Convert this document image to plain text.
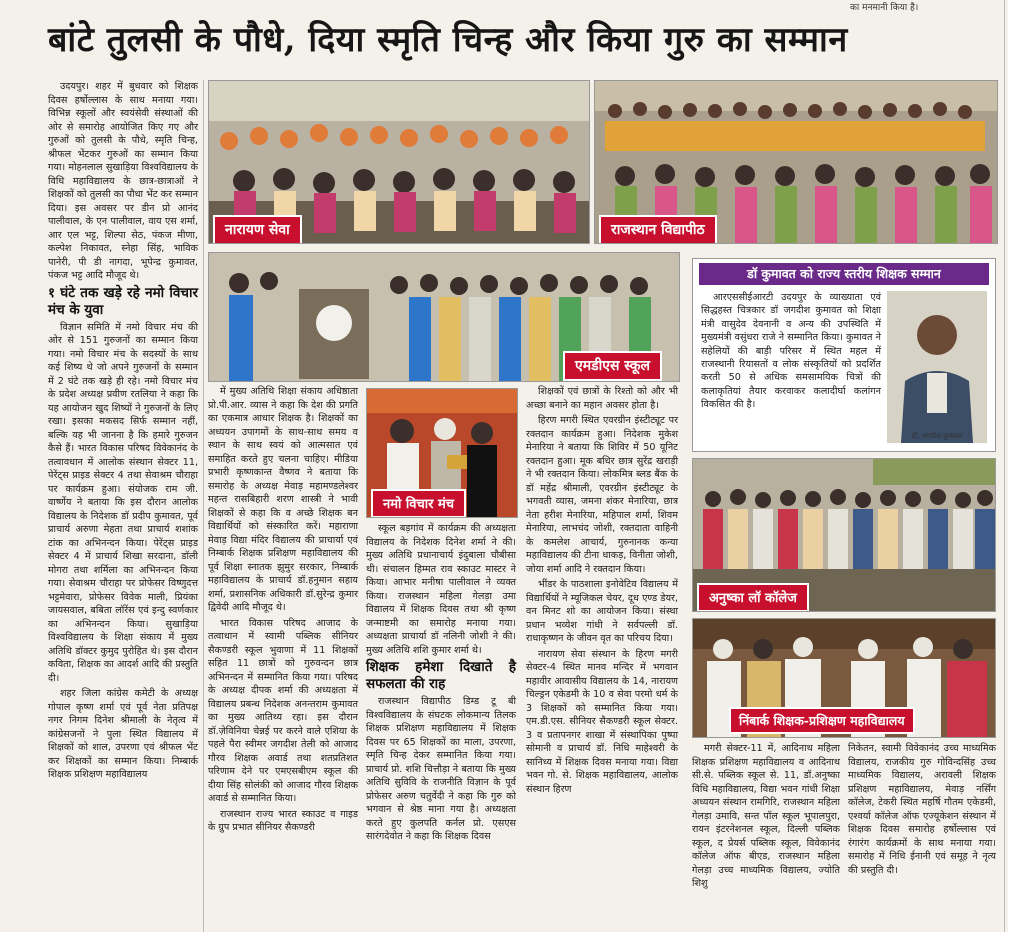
का मनमानी किया है।
बांटे तुलसी के पौधे, दिया स्मृति चिन्ह और किया गुरु का सम्मान
नारायण सेवा	राजस्थान विद्यापीठ
एमडीएस स्कूल
नमो विचार मंच
डॉ कुमावत को राज्य स्तरीय शिक्षक सम्मान
आरएससीईआरटी उदयपुर के व्याख्याता एवं सिद्धहस्त चित्रकार डॉ जगदीश कुमावत को शिक्षा मंत्री वासुदेव देवनानी व अन्य की उपस्थिति में मुख्यमंत्री वसुंधरा राजे ने सम्मानित किया। कुमावत ने सहेलियों की बाड़ी परिसर में स्थित महल में राजस्थानी रियासतों व लोक संस्कृतियों को प्रदर्शित करती 50 से अधिक समसामयिक चित्रों की कलाकृतियां तैयार करवाकर कलादीर्घा कलांगन विकसित की है।
डॉ. जगदीश कुमावत
अनुष्का लॉ कॉलेज
निंबार्क शिक्षक-प्रशिक्षण महाविद्यालय

उदयपुर। शहर में बुधवार को शिक्षक दिवस हर्षोल्लास के साथ मनाया गया। विभिन्न स्कूलों और स्वयंसेवी संस्थाओं की ओर से समारोह आयोजित किए गए और गुरुओं को तुलसी के पौधे, स्मृति चिन्ह, श्रीफल भेंटकर गुरुओं का सम्मान किया गया। मोहनलाल सुखाड़िया विश्वविद्यालय के विधि महाविद्यालय के छात्र-छात्राओं ने शिक्षकों को तुलसी का पौधा भेंट कर सम्मान दिया। इस अवसर पर डीन प्रो आनंद पालीवाल, के एन पालीवाल, वाय एस शर्मा, आर एल भट्ट, शिल्पा सेठ, पंकज मीणा, कल्पेश निकावत, स्नेहा सिंह, भाविक पानेरी, पी डी नागदा, भूपेन्द्र कुमावत, पंकज भट्ट आदि मौजूद थे।

१ घंटे तक खड़े रहे नमो विचार मंच के युवा

विज्ञान समिति में नमो विचार मंच की ओर से 151 गुरुजनों का सम्मान किया गया। नमो विचार मंच के सदस्यों के साथ कई शिष्य थे जो अपने गुरुजनों के सम्मान में 2 घंटे तक खड़े ही रहे। नमो विचार मंच के प्रदेश अध्यक्ष प्रवीण रतलिया ने कहा कि यह आयोजन खुद शिष्यों ने गुरुजनों के लिए रखा। इसका मकसद सिर्फ सम्मान नहीं, बल्कि यह भी जानना है कि हमारे गुरुजन कैसे हैं। भारत विकास परिषद विवेकानंद के तत्वावधान में आलोक संस्थान सेक्टर 11, पेरेंट्स प्राइड सेक्टर 4 तथा सेवाश्रम चौराहा पर कार्यक्रम हुआ। संयोजक राम जी. वार्ष्णेय ने बताया कि इस दौरान आलोक विद्यालय के निदेशक डॉ प्रदीप कुमावत, पूर्व प्राचार्य अरुणा मेहता तथा प्राचार्य शशांक टांक का अभिनन्दन किया। पेरेंट्स प्राइड सेक्टर 4 में प्राचार्य शिखा सरदाना, डॉली मोगरा तथा शर्मिला का अभिनन्दन किया गया। सेवाश्रम चौराहा पर प्रोफेसर विष्णुदत्त भट्टमेवारा, प्रोफेसर विवेक माली, प्रियंका जायसवाल, बबिता लॉरेंस एवं इन्दु स्वर्णकार का अभिनन्दन किया। सुखाड़िया विश्वविद्यालय के शिक्षा संकाय में मुख्य अतिथि डॉक्टर कुमुद पुरोहित थे। इस दौरान कविता, शिक्षक का आदर्श आदि की प्रस्तुति दी।

शहर जिला कांग्रेस कमेटी के अध्यक्ष गोपाल कृष्ण शर्मा एवं पूर्व नेता प्रतिपक्ष नगर निगम दिनेश श्रीमाली के नेतृत्व में कांग्रेसजनों ने पुला स्थित विद्यालय में शिक्षकों को शाल, उपरणा एवं श्रीफल भेंट कर शिक्षकों का सम्मान किया। निम्बार्क शिक्षक प्रशिक्षण महाविद्यालय

में मुख्य अतिथि शिक्षा संकाय अधिष्ठाता प्रो.पी.आर. व्यास ने कहा कि देश की प्रगति का एकमात्र आधार शिक्षक है। शिक्षकों का अध्ययन उपागमों के साथ-साथ समय व स्थान के साथ स्वयं को आत्मसात एवं समाहित करते हुए चलना चाहिए। मीडिया प्रभारी कृष्णकान्त वैष्णव ने बताया कि समारोह के अध्यक्ष मेवाड़ महामण्डलेश्वर महन्त रासबिहारी शरण शास्त्री ने भावी शिक्षकों से कहा कि व अच्छे शिक्षक बन विद्यार्थियों को संस्कारित करें। महाराणा मेवाड़ विद्या मंदिर विद्यालय की प्राचार्या एवं निम्बार्क शिक्षक प्रशिक्षण महाविद्यालय की पूर्व शिक्षा स्नातक झुमुर सरकार, निम्बार्क महाविद्यालय के प्राचार्य डॉ.हनुमान सहाय शर्मा, प्रशासनिक अधिकारी डॉ.सुरेन्द्र कुमार द्विवेदी आदि मौजूद थे।

भारत विकास परिषद आजाद के तत्वाधान में स्वामी पब्लिक सीनियर सैकण्डरी स्कूल भुवाणा में 11 शिक्षकों सहित 11 छात्रों को गुरुवन्दन छात्र अभिनन्दन में सम्मानित किया गया। परिषद के अध्यक्ष दीपक शर्मा की अध्यक्षता में विद्यालय प्रबन्ध निदेशक अनन्तराम कुमावत का मुख्य आतिथ्य रहा। इस दौरान डॉ.ज़ेविनिया चेन्नई पर करने वाले एशिया के पहले पैरा स्वीमर जगदीश तेली को आजाद गौरव शिक्षक अवार्ड तथा शतप्रतिशत परिणाम देने पर एमएसबीएम स्कूल की दीया सिंह सोलंकी को आजाद गौरव शिक्षक अवार्ड से सम्मानित किया।

राजस्थान राज्य भारत स्काउट व गाइड के ग्रुप प्रभात सीनियर सैकण्डरी

स्कूल बड़गांव में कार्यक्रम की अध्यक्षता विद्यालय के निदेशक दिनेश शर्मा ने की। मुख्य अतिथि प्रधानाचार्य इंदुबाला चौबीसा थी। संचालन हिम्मत राव स्काउट मास्टर ने किया। आभार मनीषा पालीवाल ने व्यक्त किया। राजस्थान महिला गेलड़ा उमा विद्यालय में शिक्षक दिवस तथा श्री कृष्ण जन्माष्टमी का समारोह मनाया गया। अध्यक्षता प्राचार्या डॉ नलिनी जोशी ने की। मुख्य अतिथि शशि कुमार शर्मा थे।

शिक्षक हमेशा दिखाते है सफलता की राह

राजस्थान विद्यापीठ डिम्ड टू बी विश्वविद्यालय के संघटक लोकमान्य तिलक शिक्षक प्रशिक्षण महाविद्यालय में शिक्षक दिवस पर 65 शिक्षकों का माला, उपरणा, स्मृति चिन्ह देकर सम्मानित किया गया। प्राचार्य प्रो. शशि चित्तौड़ा ने बताया कि मुख्य अतिथि सुविवि के राजनीति विज्ञान के पूर्व प्रोफेसर अरुण चतुर्वेदी ने कहा कि गुरु को भगवान से श्रेष्ठ माना गया है। अध्यक्षता करते हुए कुलपति कर्नल प्रो. एसएस सारंगदेवोत ने कहा कि शिक्षक दिवस

शिक्षकों एवं छात्रों के रिश्तो को और भी अच्छा बनाने का महान अवसर होता है।

हिरण मगरी स्थित एवरग्रीन इंस्टीट्यूट पर रक्तदान कार्यक्रम हुआ। निदेशक मुकेश मेनारिया ने बताया कि शिविर में 50 यूनिट रक्तदान हुआ। मूक बधिर छात्र सुरेंद्र खराड़ी ने भी रक्तदान किया। लोकमित्र ब्लड बैंक के डॉ महेंद्र श्रीमाली, एवरग्रीन इंस्टीट्यूट के भगवती व्यास, जमना शंकर मेनारिया, छात्र नेता हरीश मेनारिया, महिपाल शर्मा, शिवम मेनारिया, लाभचंद जोशी, रक्तदाता वाहिनी के कमलेश आचार्य, गुरुनानक कन्या महाविद्यालय की टीना धाकड़, विनीता जोशी, जोया शर्मा आदि ने रक्तदान किया।

भींडर के पाठशाला इनोवेटिव विद्यालय में विद्यार्थियों ने म्यूजिकल चेयर, दूध एण्ड डेयर, वन मिनट शो का आयोजन किया। संस्था प्रधान भव्येश गांधी ने सर्वपल्ली डॉ. राधाकृष्णन के जीवन वृत का परिचय दिया।

नारायण सेवा संस्थान के हिरण मगरी सेक्टर-4 स्थित मानव मन्दिर में भगवान महावीर आवासीय विद्यालय के 14, नारायण चिल्ड्रन एकेडमी के 10 व सेवा परमो धर्म के 3 शिक्षकों को सम्मानित किया गया। एम.डी.एस. सीनियर सैकण्डरी स्कूल सेक्टर. 3 व प्रतापनगर शाखा में संस्थापिका पुष्पा सोमानी व प्राचार्य डॉ. निधि माहेश्वरी के सानिध्य में शिक्षक दिवस मनाया गया। विद्या भवन गो. से. शिक्षक महाविद्यालय, आलोक संस्थान हिरण

मगरी सेक्टर-11 में, आदिनाथ महिला शिक्षक प्रशिक्षण महाविद्यालय व आदिनाथ सी.से. पब्लिक स्कूल से. 11, डॉ.अनुष्का विधि महाविद्यालय, विद्या भवन गांधी शिक्षा अध्ययन संस्थान रामगिरि, राजस्थान महिला गेलड़ा उमावि, सन्त पॉल स्कूल भूपालपुरा, रायन इंटरनेशनल स्कूल, दिल्ली पब्लिक स्कूल, द प्रेयर्स पब्लिक स्कूल, विवेकानंद कॉलेज ऑफ बीएड, राजस्थान महिला गेलड़ा उच्च माध्यमिक विद्यालय, ज्योति शिशु

निकेतन, स्वामी विवेकानंद उच्च माध्यमिक विद्यालय, राजकीय गुरु गोविन्दसिंह उच्च माध्यमिक विद्यालय, अरावली शिक्षक प्रशिक्षण महाविद्यालय, मेवाड़ नर्सिंग कॉलेज, टेकरी स्थित महर्षि गौतम एकेडमी, एश्वर्या कॉलेज ऑफ एज्यूकेशन संस्थान में शिक्षक दिवस समारोह हर्षोल्लास एवं रंगारंग कार्यक्रमों के साथ मनाया गया। समारोह में निधि ईनानी एवं समूह ने नृत्य की प्रस्तुति दी।
